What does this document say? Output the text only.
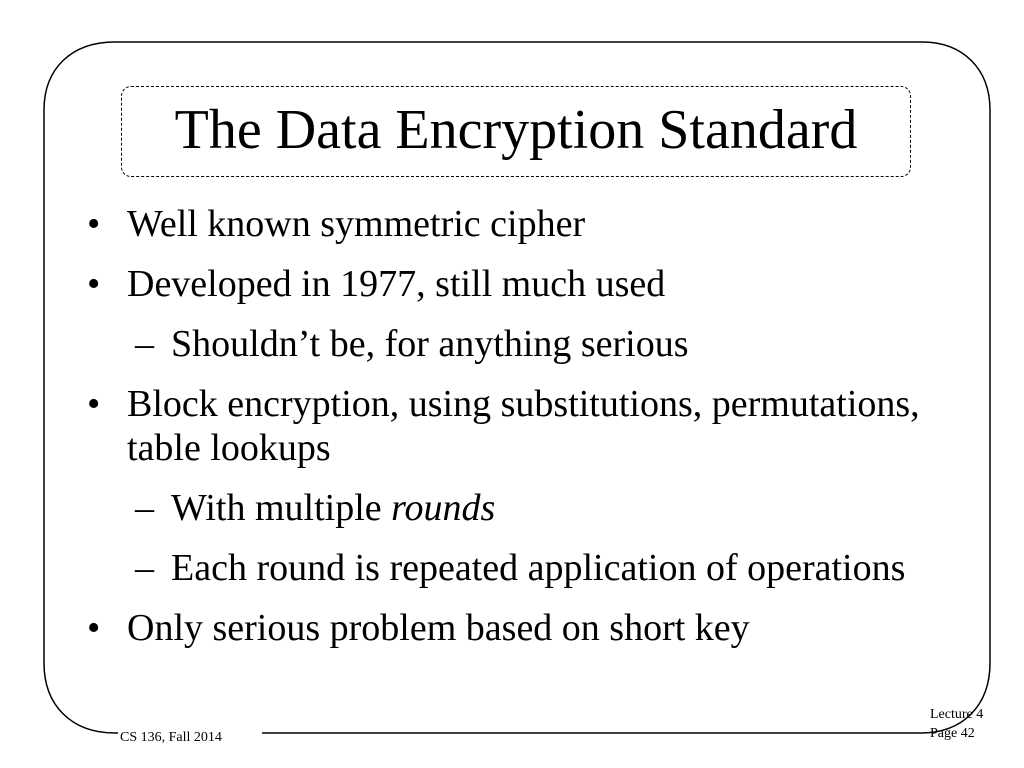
The Data Encryption Standard
• Well known symmetric cipher
• Developed in 1977, still much used
– Shouldn’t be, for anything serious
• Block encryption, using substitutions, permutations, table lookups
– With multiple rounds
– Each round is repeated application of operations
• Only serious problem based on short key
CS 136, Fall 2014
Lecture 4
Page 42
